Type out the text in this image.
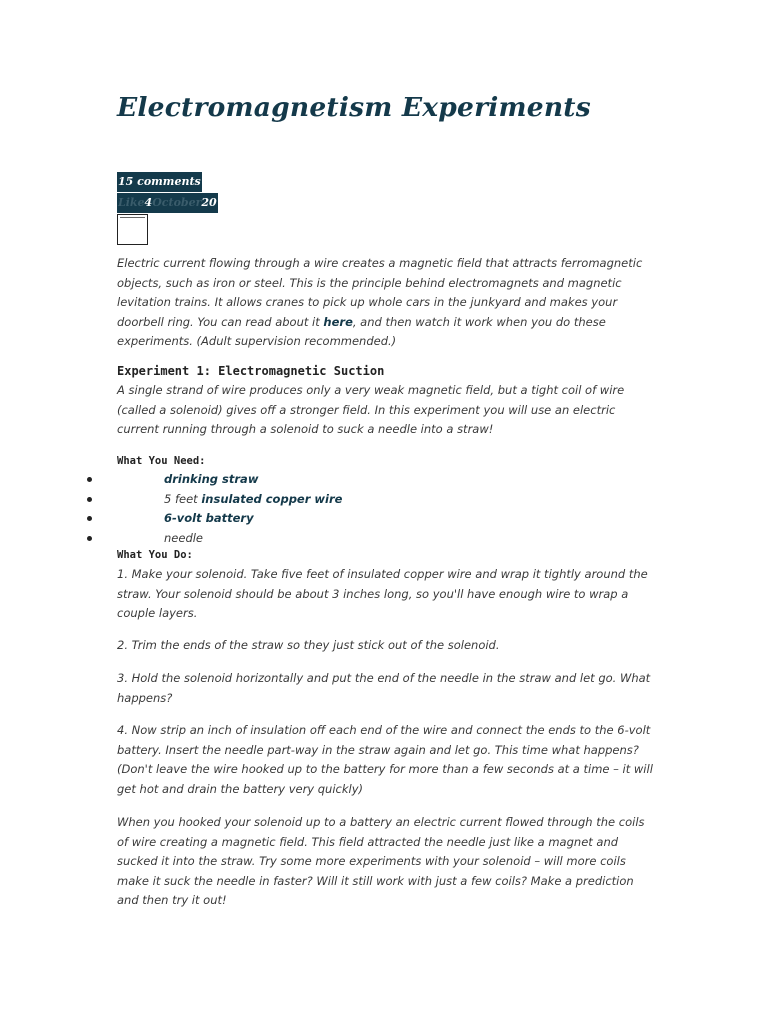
Electromagnetism Experiments
15 comments
Like4October20

Electric current flowing through a wire creates a magnetic field that attracts ferromagnetic objects, such as iron or steel. This is the principle behind electromagnets and magnetic levitation trains. It allows cranes to pick up whole cars in the junkyard and makes your doorbell ring. You can read about it here, and then watch it work when you do these experiments. (Adult supervision recommended.)

Experiment 1: Electromagnetic Suction

A single strand of wire produces only a very weak magnetic field, but a tight coil of wire (called a solenoid) gives off a stronger field. In this experiment you will use an electric current running through a solenoid to suck a needle into a straw!

What You Need:
drinking straw
5 feet insulated copper wire
6-volt battery
needle
What You Do:

1. Make your solenoid. Take five feet of insulated copper wire and wrap it tightly around the straw. Your solenoid should be about 3 inches long, so you'll have enough wire to wrap a couple layers.

2. Trim the ends of the straw so they just stick out of the solenoid.

3. Hold the solenoid horizontally and put the end of the needle in the straw and let go. What happens?

4. Now strip an inch of insulation off each end of the wire and connect the ends to the 6-volt battery. Insert the needle part-way in the straw again and let go. This time what happens? (Don't leave the wire hooked up to the battery for more than a few seconds at a time – it will get hot and drain the battery very quickly)

When you hooked your solenoid up to a battery an electric current flowed through the coils of wire creating a magnetic field. This field attracted the needle just like a magnet and sucked it into the straw. Try some more experiments with your solenoid – will more coils make it suck the needle in faster? Will it still work with just a few coils? Make a prediction and then try it out!
